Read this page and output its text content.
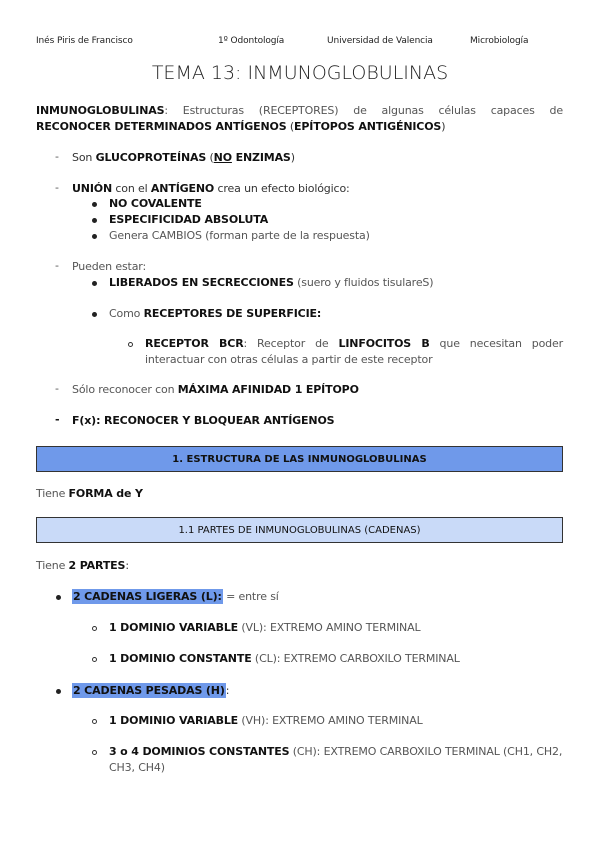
Inés Piris de Francisco	1º Odontología	Universidad de Valencia	Microbiología
TEMA 13: INMUNOGLOBULINAS
INMUNOGLOBULINAS: Estructuras (RECEPTORES) de algunas células capaces de
RECONOCER DETERMINADOS ANTÍGENOS (EPÍTOPOS ANTIGÉNICOS)
- Son GLUCOPROTEÍNAS (NO ENZIMAS)
- UNIÓN con el ANTÍGENO crea un efecto biológico:
NO COVALENTE
ESPECIFICIDAD ABSOLUTA
Genera CAMBIOS (forman parte de la respuesta)
- Pueden estar:
LIBERADOS EN SECRECCIONES (suero y fluidos tisulareS)
Como RECEPTORES DE SUPERFICIE:
RECEPTOR BCR: Receptor de LINFOCITOS B que necesitan poder
interactuar con otras células a partir de este receptor
- Sólo reconocer con MÁXIMA AFINIDAD 1 EPÍTOPO
- F(x): RECONOCER Y BLOQUEAR ANTÍGENOS
1. ESTRUCTURA DE LAS INMUNOGLOBULINAS
Tiene FORMA de Y
1.1 PARTES DE INMUNOGLOBULINAS (CADENAS)
Tiene 2 PARTES:
2 CADENAS LIGERAS (L): = entre sí
1 DOMINIO VARIABLE (VL): EXTREMO AMINO TERMINAL
1 DOMINIO CONSTANTE (CL): EXTREMO CARBOXILO TERMINAL
2 CADENAS PESADAS (H):
1 DOMINIO VARIABLE (VH): EXTREMO AMINO TERMINAL
3 o 4 DOMINIOS CONSTANTES (CH): EXTREMO CARBOXILO TERMINAL (CH1, CH2,
CH3, CH4)
